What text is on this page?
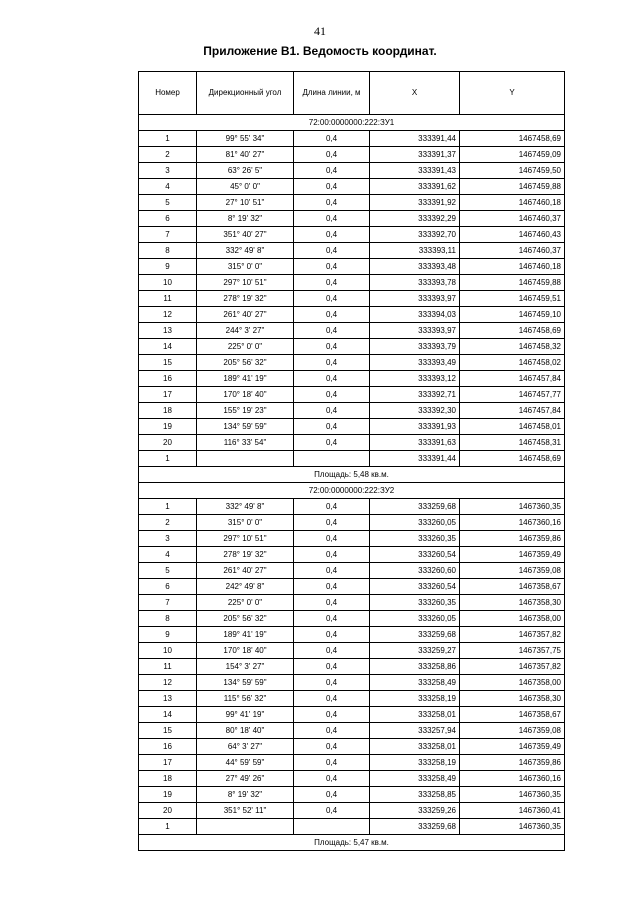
41
Приложение В1. Ведомость координат.
Номер	Дирекционный угол	Длина линии, м	X	Y
72:00:0000000:222:ЗУ1				
1	99° 55' 34"	0,4	333391,44	1467458,69
2	81° 40' 27"	0,4	333391,37	1467459,09
3	63° 26' 5"	0,4	333391,43	1467459,50
4	45° 0' 0"	0,4	333391,62	1467459,88
5	27° 10' 51"	0,4	333391,92	1467460,18
6	8° 19' 32"	0,4	333392,29	1467460,37
7	351° 40' 27"	0,4	333392,70	1467460,43
8	332° 49' 8"	0,4	333393,11	1467460,37
9	315° 0' 0"	0,4	333393,48	1467460,18
10	297° 10' 51"	0,4	333393,78	1467459,88
11	278° 19' 32"	0,4	333393,97	1467459,51
12	261° 40' 27"	0,4	333394,03	1467459,10
13	244° 3' 27"	0,4	333393,97	1467458,69
14	225° 0' 0"	0,4	333393,79	1467458,32
15	205° 56' 32"	0,4	333393,49	1467458,02
16	189° 41' 19"	0,4	333393,12	1467457,84
17	170° 18' 40"	0,4	333392,71	1467457,77
18	155° 19' 23"	0,4	333392,30	1467457,84
19	134° 59' 59"	0,4	333391,93	1467458,01
20	116° 33' 54"	0,4	333391,63	1467458,31
1			333391,44	1467458,69
Площадь: 5,48 кв.м.				
72:00:0000000:222:ЗУ2				
1	332° 49' 8"	0,4	333259,68	1467360,35
2	315° 0' 0"	0,4	333260,05	1467360,16
3	297° 10' 51"	0,4	333260,35	1467359,86
4	278° 19' 32"	0,4	333260,54	1467359,49
5	261° 40' 27"	0,4	333260,60	1467359,08
6	242° 49' 8"	0,4	333260,54	1467358,67
7	225° 0' 0"	0,4	333260,35	1467358,30
8	205° 56' 32"	0,4	333260,05	1467358,00
9	189° 41' 19"	0,4	333259,68	1467357,82
10	170° 18' 40"	0,4	333259,27	1467357,75
11	154° 3' 27"	0,4	333258,86	1467357,82
12	134° 59' 59"	0,4	333258,49	1467358,00
13	115° 56' 32"	0,4	333258,19	1467358,30
14	99° 41' 19"	0,4	333258,01	1467358,67
15	80° 18' 40"	0,4	333257,94	1467359,08
16	64° 3' 27"	0,4	333258,01	1467359,49
17	44° 59' 59"	0,4	333258,19	1467359,86
18	27° 49' 26"	0,4	333258,49	1467360,16
19	8° 19' 32"	0,4	333258,85	1467360,35
20	351° 52' 11"	0,4	333259,26	1467360,41
1			333259,68	1467360,35
Площадь: 5,47 кв.м.				
